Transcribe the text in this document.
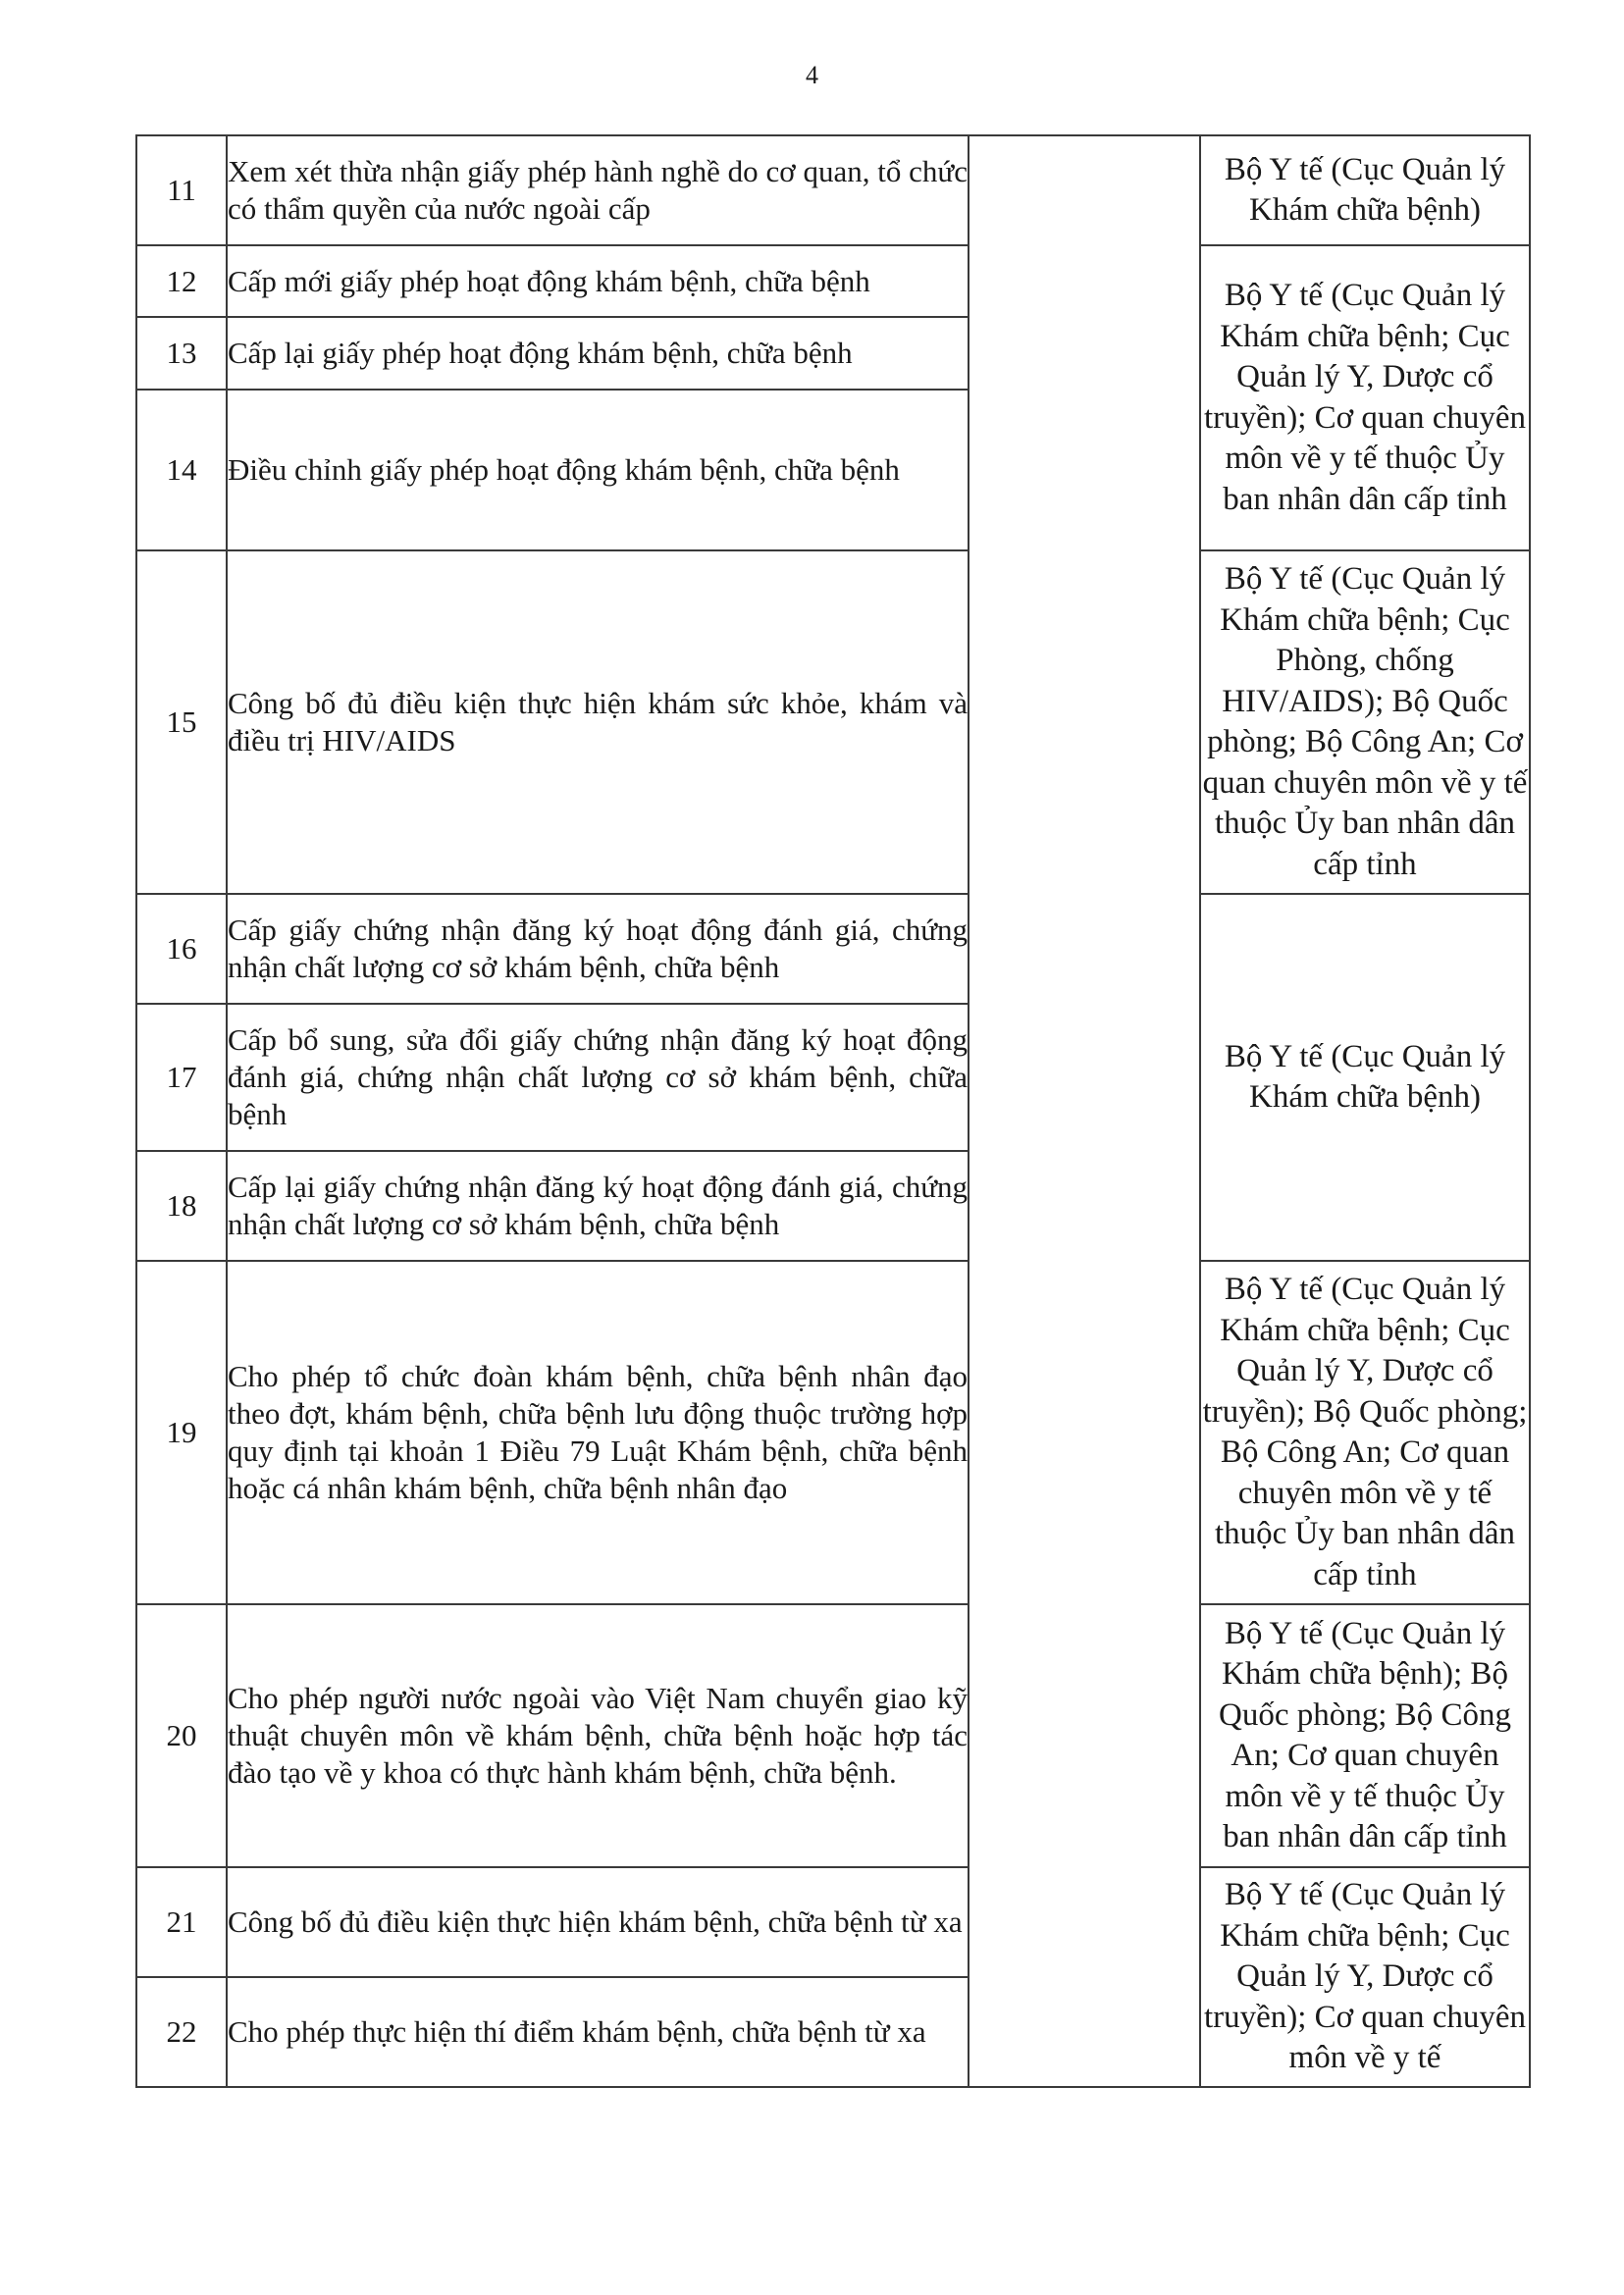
4
11	Xem xét thừa nhận giấy phép hành nghề do cơ quan, tổ chức có thẩm quyền của nước ngoài cấp		Bộ Y tế (Cục Quản lý Khám chữa bệnh)
12	Cấp mới giấy phép hoạt động khám bệnh, chữa bệnh		Bộ Y tế (Cục Quản lý Khám chữa bệnh; Cục Quản lý Y, Dược cổ truyền); Cơ quan chuyên môn về y tế thuộc Ủy ban nhân dân cấp tỉnh
13	Cấp lại giấy phép hoạt động khám bệnh, chữa bệnh		
14	Điều chỉnh giấy phép hoạt động khám bệnh, chữa bệnh		
15	Công bố đủ điều kiện thực hiện khám sức khỏe, khám và điều trị HIV/AIDS		Bộ Y tế (Cục Quản lý Khám chữa bệnh; Cục Phòng, chống HIV/AIDS); Bộ Quốc phòng; Bộ Công An; Cơ quan chuyên môn về y tế thuộc Ủy ban nhân dân cấp tỉnh
16	Cấp giấy chứng nhận đăng ký hoạt động đánh giá, chứng nhận chất lượng cơ sở khám bệnh, chữa bệnh		Bộ Y tế (Cục Quản lý Khám chữa bệnh)
17	Cấp bổ sung, sửa đổi giấy chứng nhận đăng ký hoạt động đánh giá, chứng nhận chất lượng cơ sở khám bệnh, chữa bệnh		
18	Cấp lại giấy chứng nhận đăng ký hoạt động đánh giá, chứng nhận chất lượng cơ sở khám bệnh, chữa bệnh		
19	Cho phép tổ chức đoàn khám bệnh, chữa bệnh nhân đạo theo đợt, khám bệnh, chữa bệnh lưu động thuộc trường hợp quy định tại khoản 1 Điều 79 Luật Khám bệnh, chữa bệnh hoặc cá nhân khám bệnh, chữa bệnh nhân đạo		Bộ Y tế (Cục Quản lý Khám chữa bệnh; Cục Quản lý Y, Dược cổ truyền); Bộ Quốc phòng; Bộ Công An; Cơ quan chuyên môn về y tế thuộc Ủy ban nhân dân cấp tỉnh
20	Cho phép người nước ngoài vào Việt Nam chuyển giao kỹ thuật chuyên môn về khám bệnh, chữa bệnh hoặc hợp tác đào tạo về y khoa có thực hành khám bệnh, chữa bệnh.		Bộ Y tế (Cục Quản lý Khám chữa bệnh); Bộ Quốc phòng; Bộ Công An; Cơ quan chuyên môn về y tế thuộc Ủy ban nhân dân cấp tỉnh
21	Công bố đủ điều kiện thực hiện khám bệnh, chữa bệnh từ xa		Bộ Y tế (Cục Quản lý Khám chữa bệnh; Cục Quản lý Y, Dược cổ truyền); Cơ quan chuyên môn về y tế
22	Cho phép thực hiện thí điểm khám bệnh, chữa bệnh từ xa		
